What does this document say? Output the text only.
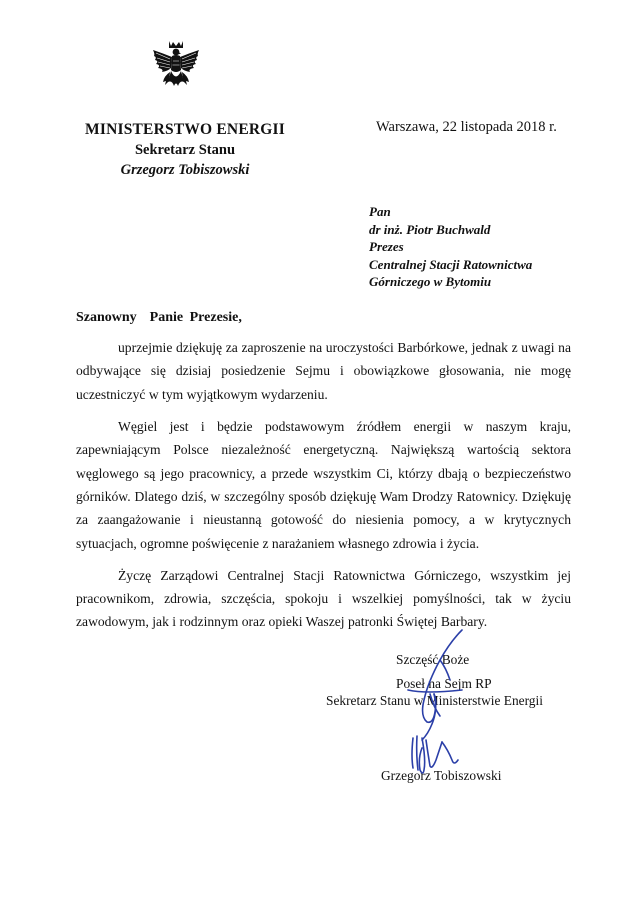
MINISTERSTWO ENERGII
Sekretarz Stanu
Grzegorz Tobiszowski
Warszawa, 22 listopada 2018 r.
Pan
dr inż. Piotr Buchwald
Prezes
Centralnej Stacji Ratownictwa
Górniczego w Bytomiu
Szanowny  Panie Prezesie,

uprzejmie dziękuję za zaproszenie na uroczystości Barbórkowe, jednak z uwagi na odbywające się dzisiaj posiedzenie Sejmu i obowiązkowe głosowania, nie mogę uczestniczyć w tym wyjątkowym wydarzeniu.

Węgiel jest i będzie podstawowym źródłem energii w naszym kraju, zapewniającym Polsce niezależność energetyczną. Największą wartością sektora węglowego są jego pracownicy, a przede wszystkim Ci, którzy dbają o bezpieczeństwo górników. Dlatego dziś, w szczególny sposób dziękuję Wam Drodzy Ratownicy. Dziękuję za zaangażowanie i nieustanną gotowość do niesienia pomocy, a w krytycznych sytuacjach, ogromne poświęcenie z narażaniem własnego zdrowia i życia.

Życzę Zarządowi Centralnej Stacji Ratownictwa Górniczego, wszystkim jej pracownikom, zdrowia, szczęścia, spokoju i wszelkiej pomyślności, tak w życiu zawodowym, jak i rodzinnym oraz opieki Waszej patronki Świętej Barbary.

Szczęść Boże
Poseł na Sejm RP
Sekretarz Stanu w Ministerstwie Energii
Grzegorz Tobiszowski
